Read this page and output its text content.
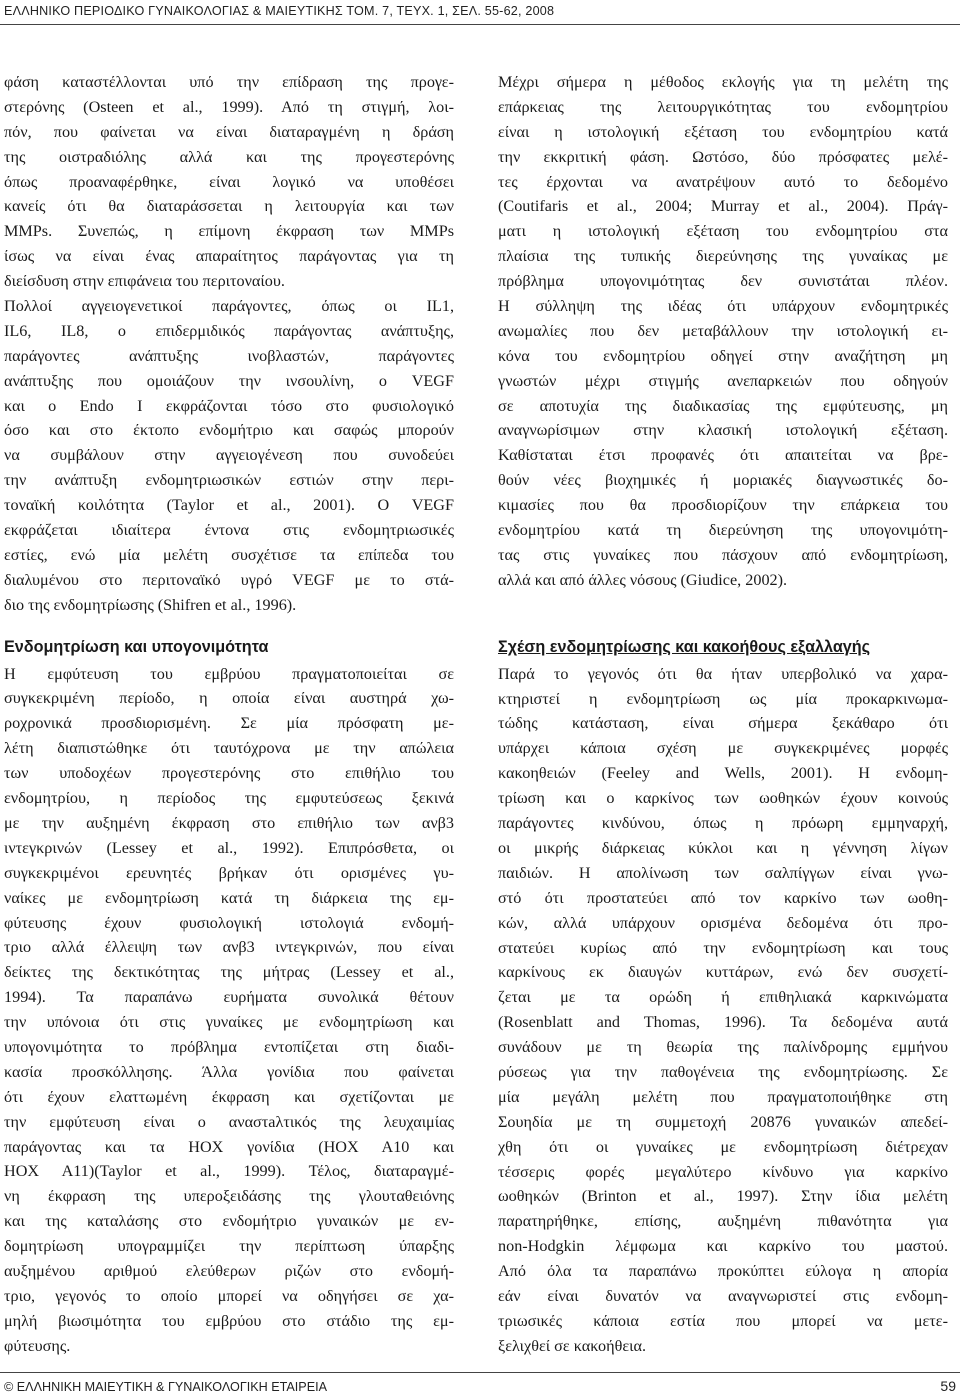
ΕΛΛΗΝΙΚΟ ΠΕΡΙΟΔΙΚΟ ΓΥΝΑΙΚΟΛΟΓΙΑΣ & ΜΑΙΕΥΤΙΚΗΣ ΤΟΜ. 7, ΤΕΥΧ. 1, ΣΕΛ. 55-62, 2008
φάση καταστέλλονται υπό την επίδραση της προγε-
στερόνης (Osteen et al., 1999). Από τη στιγμή, λοι-
πόν, που φαίνεται να είναι διαταραγμένη η δράση
της οιστραδιόλης αλλά και της προγεστερόνης
όπως προαναφέρθηκε, είναι λογικό να υποθέσει
κανείς ότι θα διαταράσσεται η λειτουργία και των
MMPs. Συνεπώς, η επίμονη έκφραση των MMPs
ίσως να είναι ένας απαραίτητος παράγοντας για τη
διείσδυση στην επιφάνεια του περιτοναίου.
Πολλοί αγγειογενετικοί παράγοντες, όπως οι IL1,
IL6, IL8, ο επιδερμιδικός παράγοντας ανάπτυξης,
παράγοντες ανάπτυξης ινοβλαστών, παράγοντες
ανάπτυξης που ομοιάζουν την ινσουλίνη, ο VEGF
και ο Endo I εκφράζονται τόσο στο φυσιολογικό
όσο και στο έκτοπο ενδομήτριο και σαφώς μπορούν
να συμβάλουν στην αγγειογένεση που συνοδεύει
την ανάπτυξη ενδομητριωσικών εστιών στην περι-
τοναϊκή κοιλότητα (Taylor et al., 2001). Ο VEGF
εκφράζεται ιδιαίτερα έντονα στις ενδομητριωσικές
εστίες, ενώ μία μελέτη συσχέτισε τα επίπεδα του
διαλυμένου στο περιτοναϊκό υγρό VEGF με το στά-
διο της ενδομητρίωσης (Shifren et al., 1996).
Ενδομητρίωση και υπογονιμότητα
Η εμφύτευση του εμβρύου πραγματοποιείται σε
συγκεκριμένη περίοδο, η οποία είναι αυστηρά χω-
ροχρονικά προσδιορισμένη. Σε μία πρόσφατη με-
λέτη διαπιστώθηκε ότι ταυτόχρονα με την απώλεια
των υποδοχέων προγεστερόνης στο επιθήλιο του
ενδομητρίου, η περίοδος της εμφυτεύσεως ξεκινά
με την αυξημένη έκφραση στο επιθήλιο των ανβ3
ιντεγκρινών (Lessey et al., 1992). Επιπρόσθετα, οι
συγκεκριμένοι ερευνητές βρήκαν ότι ορισμένες γυ-
ναίκες με ενδομητρίωση κατά τη διάρκεια της εμ-
φύτευσης έχουν φυσιολογική ιστολογιά ενδομή-
τριο αλλά έλλειψη των ανβ3 ιντεγκρινών, που είναι
δείκτες της δεκτικότητας της μήτρας (Lessey et al.,
1994). Τα παραπάνω ευρήματα συνολικά θέτουν
την υπόνοια ότι στις γυναίκες με ενδομητρίωση και
υπογονιμότητα το πρόβλημα εντοπίζεται στη διαδι-
κασία προσκόλλησης. Άλλα γονίδια που φαίνεται
ότι έχουν ελαττωμένη έκφραση και σχετίζονται με
την εμφύτευση είναι ο αναστaλτικός της λευχαιμίας
παράγοντας και τα HOX γονίδια (HOX A10 και
HOX A11)(Taylor et al., 1999). Τέλος, διαταραγμέ-
νη έκφραση της υπεροξειδάσης της γλουταθειόνης
και της καταλάσης στο ενδομήτριο γυναικών με εν-
δομητρίωση υπογραμμίζει την περίπτωση ύπαρξης
αυξημένου αριθμού ελεύθερων ριζών στο ενδομή-
τριο, γεγονός το οποίο μπορεί να οδηγήσει σε χα-
μηλή βιωσιμότητα του εμβρύου στο στάδιο της εμ-
φύτευσης.
Μέχρι σήμερα η μέθοδος εκλογής για τη μελέτη της
επάρκειας της λειτουργικότητας του ενδομητρίου
είναι η ιστολογική εξέταση του ενδομητρίου κατά
την εκκριτική φάση. Ωστόσο, δύο πρόσφατες μελέ-
τες έρχονται να ανατρέψουν αυτό το δεδομένο
(Coutifaris et al., 2004; Murray et al., 2004). Πράγ-
ματι η ιστολογική εξέταση του ενδομητρίου στα
πλαίσια της τυπικής διερεύνησης της γυναίκας με
πρόβλημα υπογονιμότητας δεν συνιστάται πλέον.
Η σύλληψη της ιδέας ότι υπάρχουν ενδομητρικές
ανωμαλίες που δεν μεταβάλλουν την ιστολογική ει-
κόνα του ενδομητρίου οδηγεί στην αναζήτηση μη
γνωστών μέχρι στιγμής ανεπαρκειών που οδηγούν
σε αποτυχία της διαδικασίας της εμφύτευσης, μη
αναγνωρίσιμων στην κλασική ιστολογική εξέταση.
Καθίσταται έτσι προφανές ότι απαιτείται να βρε-
θούν νέες βιοχημικές ή μοριακές διαγνωστικές δο-
κιμασίες που θα προσδιορίζουν την επάρκεια του
ενδομητρίου κατά τη διερεύνηση της υπογονιμότη-
τας στις γυναίκες που πάσχουν από ενδομητρίωση,
αλλά και από άλλες νόσους (Giudice, 2002).
Σχέση ενδομητρίωσης και κακοήθους εξαλλαγής
Παρά το γεγονός ότι θα ήταν υπερβολικό να χαρα-
κτηριστεί η ενδομητρίωση ως μία προκαρκινωμα-
τώδης κατάσταση, είναι σήμερα ξεκάθαρο ότι
υπάρχει κάποια σχέση με συγκεκριμένες μορφές
κακοηθειών (Feeley and Wells, 2001). Η ενδομη-
τρίωση και ο καρκίνος των ωοθηκών έχουν κοινούς
παράγοντες κινδύνου, όπως η πρόωρη εμμηναρχή,
οι μικρής διάρκειας κύκλοι και η γέννηση λίγων
παιδιών. Η απολίνωση των σαλπίγγων είναι γνω-
στό ότι προστατεύει από τον καρκίνο των ωοθη-
κών, αλλά υπάρχουν ορισμένα δεδομένα ότι προ-
στατεύει κυρίως από την ενδομητρίωση και τους
καρκίνους εκ διαυγών κυττάρων, ενώ δεν συσχετί-
ζεται με τα ορώδη ή επιθηλιακά καρκινώματα
(Rosenblatt and Thomas, 1996). Τα δεδομένα αυτά
συνάδουν με τη θεωρία της παλίνδρομης εμμήνου
ρύσεως για την παθογένεια της ενδομητρίωσης. Σε
μία μεγάλη μελέτη που πραγματοποιήθηκε στη
Σουηδία με τη συμμετοχή 20876 γυναικών απεδεί-
χθη ότι οι γυναίκες με ενδομητρίωση διέτρεχαν
τέσσερις φορές μεγαλύτερο κίνδυνο για καρκίνο
ωοθηκών (Brinton et al., 1997). Στην ίδια μελέτη
παρατηρήθηκε, επίσης, αυξημένη πιθανότητα για
non-Hodgkin λέμφωμα και καρκίνο του μαστού.
Από όλα τα παραπάνω προκύπτει εύλογα η απορία
εάν είναι δυνατόν να αναγνωριστεί στις ενδομη-
τριωσικές κάποια εστία που μπορεί να μετε-
ξελιχθεί σε κακοήθεια.
© ΕΛΛΗΝΙΚΗ ΜΑΙΕΥΤΙΚΗ & ΓΥΝΑΙΚΟΛΟΓΙΚΗ ΕΤΑΙΡΕΙΑ	59
